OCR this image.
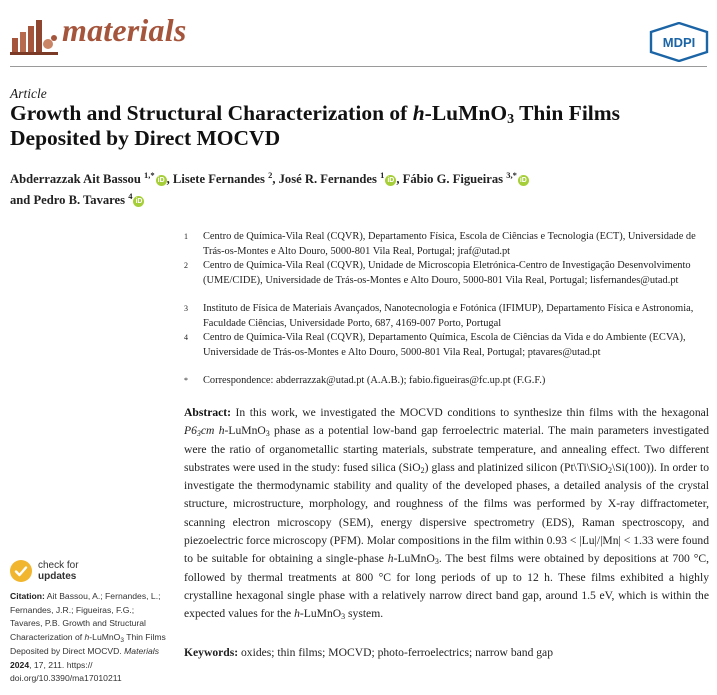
materials	MDPI
Article
Growth and Structural Characterization of h-LuMnO$_3$ Thin Films Deposited by Direct MOCVD
Abderrazzak Ait Bassou $^{1,*}$iD , Lisete Fernandes $^2$, José R. Fernandes $^1$iD , Fábio G. Figueiras $^{3,*}$iD
and Pedro B. Tavares $^4$iD
1 Centro de Química-Vila Real (CQVR), Departamento Física, Escola de Ciências e Tecnologia (ECT), Universidade de Trás-os-Montes e Alto Douro, 5000-801 Vila Real, Portugal; jraf@utad.pt
2 Centro de Química-Vila Real (CQVR), Unidade de Microscopia Eletrónica-Centro de Investigação Desenvolvimento (UME/CIDE), Universidade de Trás-os-Montes e Alto Douro, 5000-801 Vila Real, Portugal; lisfernandes@utad.pt
3 Instituto de Física de Materiais Avançados, Nanotecnologia e Fotónica (IFIMUP), Departamento Física e Astronomia, Faculdade Ciências, Universidade Porto, 687, 4169-007 Porto, Portugal
4 Centro de Química-Vila Real (CQVR), Departamento Química, Escola de Ciências da Vida e do Ambiente (ECVA), Universidade de Trás-os-Montes e Alto Douro, 5000-801 Vila Real, Portugal; ptavares@utad.pt
* Correspondence: abderrazzak@utad.pt (A.A.B.); fabio.figueiras@fc.up.pt (F.G.F.)
Abstract: In this work, we investigated the MOCVD conditions to synthesize thin films with the hexagonal $P6_3cm$ h-LuMnO$_3$ phase as a potential low-band gap ferroelectric material. The main parameters investigated were the ratio of organometallic starting materials, substrate temperature, and annealing effect. Two different substrates were used in the study: fused silica (SiO$_2$) glass and platinized silicon (Pt\Ti\SiO$_2$\Si(100)). In order to investigate the thermodynamic stability and quality of the developed phases, a detailed analysis of the crystal structure, microstructure, morphology, and roughness of the films was performed by X-ray diffractometer, scanning electron microscopy (SEM), energy dispersive spectrometry (EDS), Raman spectroscopy, and piezoelectric force microscopy (PFM). Molar compositions in the film within 0.93 < |Lu|/|Mn| < 1.33 were found to be suitable for obtaining a single-phase h-LuMnO$_3$. The best films were obtained by depositions at 700 °C, followed by thermal treatments at 800 °C for long periods of up to 12 h. These films exhibited a highly crystalline hexagonal single phase with a relatively narrow direct band gap, around 1.5 eV, which is within the expected values for the h-LuMnO$_3$ system.
Keywords: oxides; thin films; MOCVD; photo-ferroelectrics; narrow band gap
check for
updates
Citation: Ait Bassou, A.; Fernandes, L.; Fernandes, J.R.; Figueiras, F.G.; Tavares, P.B. Growth and Structural Characterization of h-LuMnO$_3$ Thin Films Deposited by Direct MOCVD. Materials 2024, 17, 211. https:// doi.org/10.3390/ma17010211
